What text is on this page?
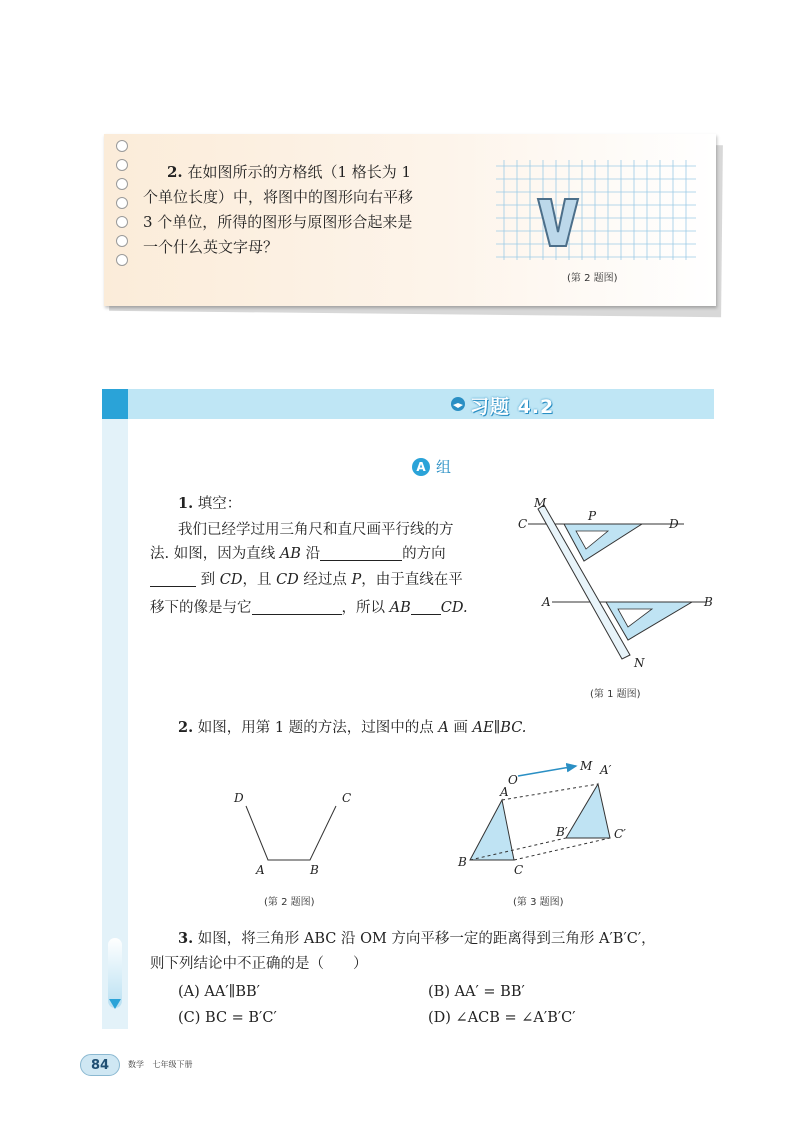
2. 在如图所示的方格纸（1 格长为 1
个单位长度）中，将图中的图形向右平移
3 个单位，所得的图形与原图形合起来是
一个什么英文字母？
(第 2 题图)
习题 4.2
A 组
1. 填空：
我们已经学过用三角尺和直尺画平行线的方
法. 如图，因为直线 AB 沿	的方向
到 CD，且 CD 经过点 P，由于直线在平
移下的像是与它	，所以 AB CD.
M
C
P
D
A	B
N
(第 1 题图)
2. 如图，用第 1 题的方法，过图中的点 A 画 AE∥BC.
D	C
A	B
(第 2 题图)
O
M A′
A
B′	C′
B
C
(第 3 题图)
3. 如图，将三角形 ABC 沿 OM 方向平移一定的距离得到三角形 A′B′C′，
则下列结论中不正确的是（　　）
(A) AA′∥BB′	(B) AA′ = BB′
(C) BC = B′C′	(D) ∠ACB = ∠A′B′C′
84	数学 七年级下册
